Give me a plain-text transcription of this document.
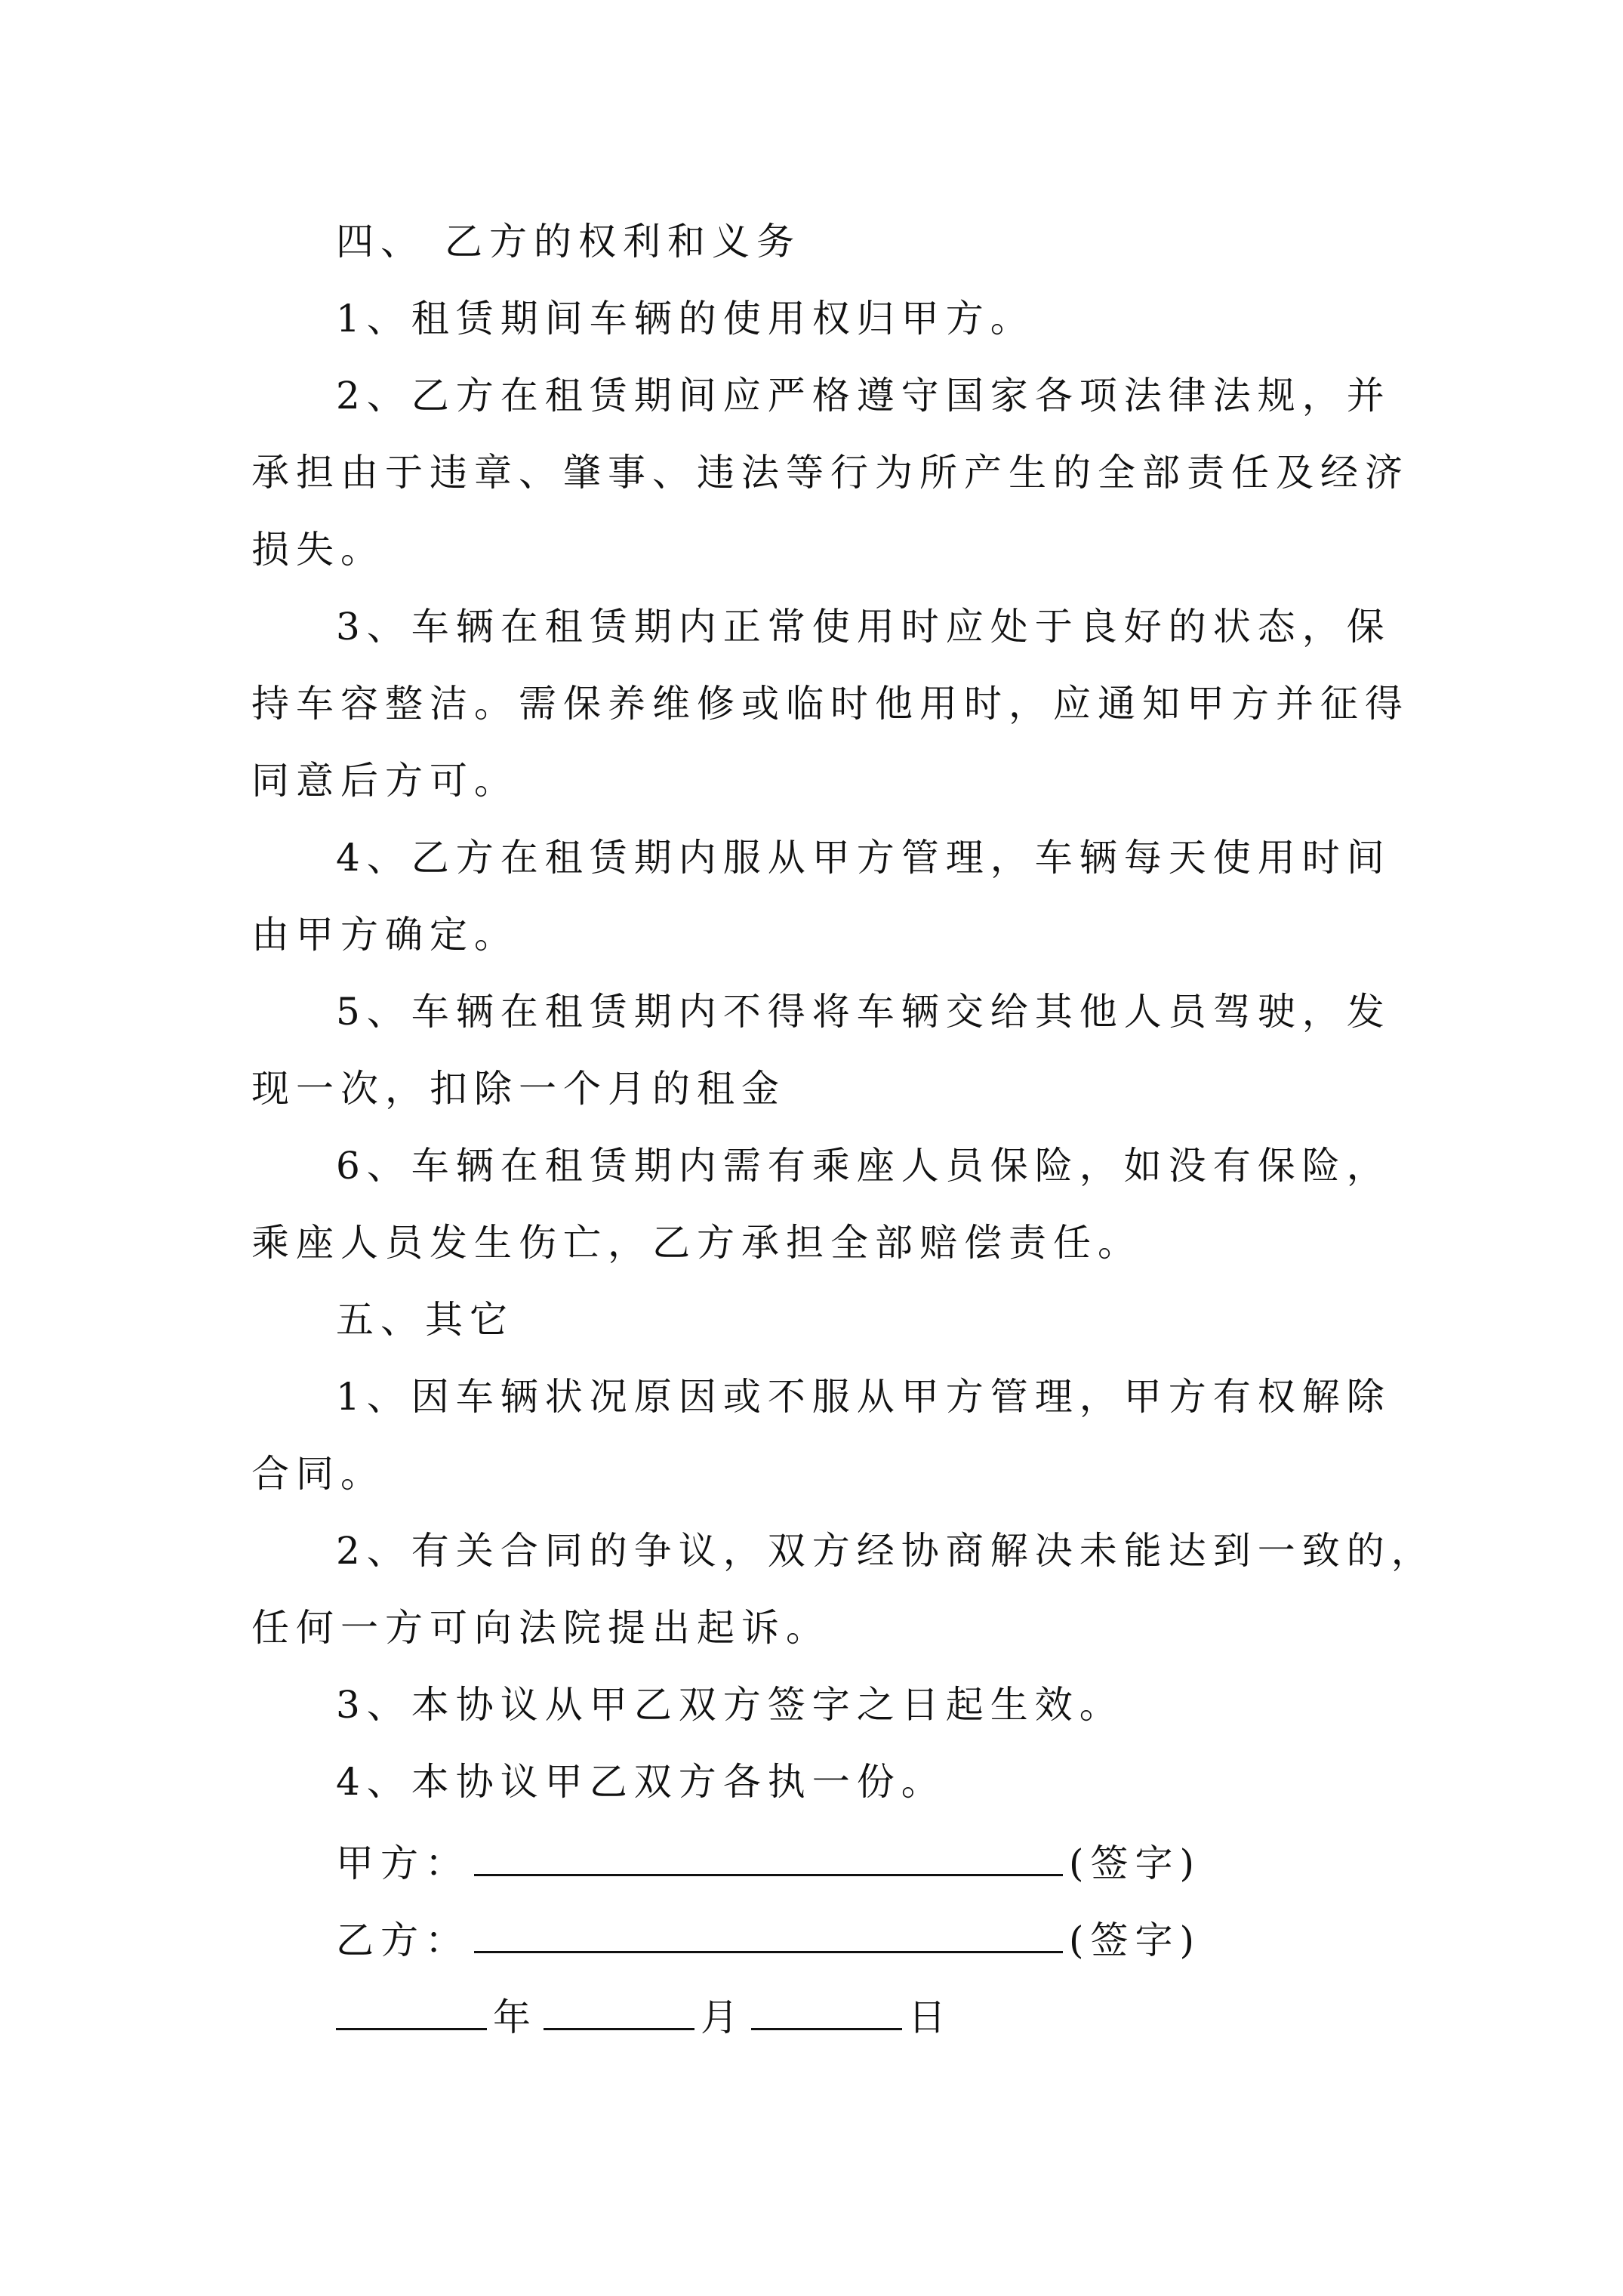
四、 乙方的权利和义务

1、租赁期间车辆的使用权归甲方。

2、乙方在租赁期间应严格遵守国家各项法律法规，并

承担由于违章、肇事、违法等行为所产生的全部责任及经济

损失。

3、车辆在租赁期内正常使用时应处于良好的状态，保

持车容整洁。需保养维修或临时他用时，应通知甲方并征得

同意后方可。

4、乙方在租赁期内服从甲方管理，车辆每天使用时间

由甲方确定。

5、车辆在租赁期内不得将车辆交给其他人员驾驶，发

现一次，扣除一个月的租金

6、车辆在租赁期内需有乘座人员保险，如没有保险，

乘座人员发生伤亡，乙方承担全部赔偿责任。

五、其它

1、因车辆状况原因或不服从甲方管理，甲方有权解除

合同。

2、有关合同的争议，双方经协商解决未能达到一致的，

任何一方可向法院提出起诉。

3、本协议从甲乙双方签字之日起生效。

4、本协议甲乙双方各执一份。

甲方：	(签字)
乙方：	(签字)
年	月	日
